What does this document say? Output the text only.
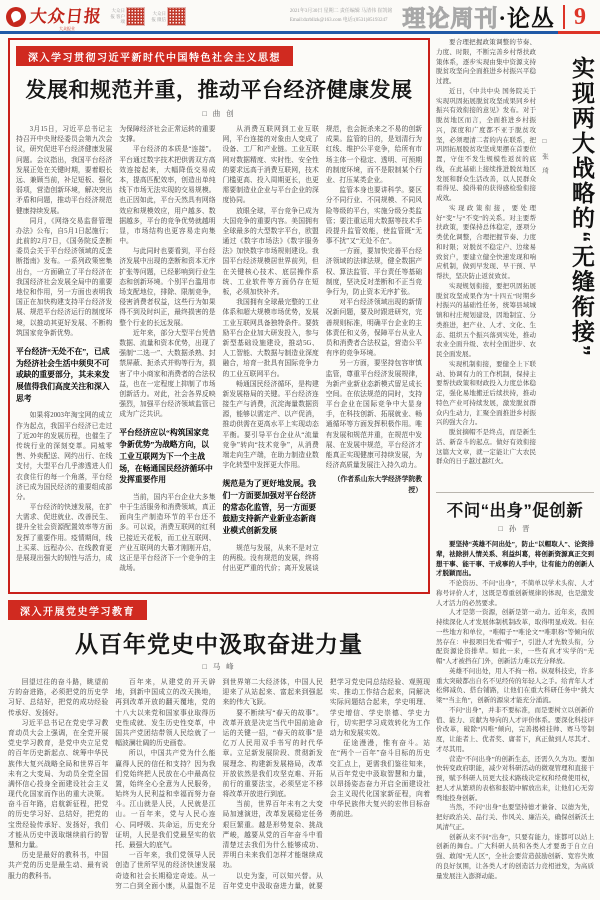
大众日报
大众报业
大众日报 客户端
大众日报 微信
2021年3月30日 星期二 责任编辑 马清伟 崔凯铭
Email:dzrbllzk@163.com 电话:(0531)85193247 理论周刊 ·论丛 9
深入学习贯彻习近平新时代中国特色社会主义思想
发展和规范并重，推动平台经济健康发展
□ 曲 创

3月15日，习近平总书记主持召开中央财经委员会第九次会议，研究促进平台经济健康发展问题。会议指出，我国平台经济发展正处在关键时期，要着眼长远、兼顾当前，补足短板、强化弱项，营造创新环境，解决突出矛盾和问题，推动平台经济规范健康持续发展。

同月，《网络交易监督管理办法》公布，自5月1日起施行；此前的2月7日，《国务院反垄断委员会关于平台经济领域的反垄断指南》发布。一系列政策密集出台，一方面确立了平台经济在我国经济社会发展全局中的重要地位和作用，另一方面也表明我国正在加快构建支持平台经济发展、规范平台经济运行的制度环境，以推动其更好发展、不断构筑国家竞争新优势。

平台经济“无处不在”，已成为经济社会生活中须臾不可或缺的重要部分，其未来发展值得我们高度关注和深入思考

如果将2003年淘宝网的成立作为起点，我国平台经济已走过了近20年的发展历程，也催生了传统行业的深刻变革。同城零售、外卖配送、网约出行、在线支付，大型平台几乎渗透进人们衣食住行的每一个角落，平台经济已成为国民经济的重要组成部分。

平台经济的快速发展，在扩大需求、促进就业、改善民生、提升全社会资源配置效率等方面发挥了重要作用。疫情期间，线上买菜、远程办公、在线教育更是展现出强大的韧性与活力，成为保障经济社会正常运转的重要支撑。

平台经济的本质是“连接”。平台通过数字技术把供需双方高效连接起来，大幅降低交易成本，提高匹配效率，创造出单纯线下市场无法实现的交易规模。也正因如此，平台天然具有网络效应和规模效应，用户越多、数据越多，平台的竞争优势就越明显，市场结构也更容易走向集中。

与此同时也要看到，平台经济发展中出现的垄断和资本无序扩张等问题，已经影响到行业生态和创新环境。个别平台滥用市场支配地位，排除、限制竞争，侵害消费者权益，这些行为如果得不到及时纠正，最终损害的是整个行业的长远发展。

近年来，部分大型平台凭借数据、流量和资本优势，出现了强制“二选一”、大数据杀熟、封禁屏蔽、扼杀式并购等行为，损害了中小商家和消费者的合法权益，也在一定程度上抑制了市场创新活力。对此，社会各界反映强烈，加强平台经济领域监管已成为广泛共识。

平台经济应以“构筑国家竞争新优势”为战略方向，以工业互联网为下一个主战场，在畅通国民经济循环中发挥重要作用

当前，国内平台企业大多集中于生活服务和消费领域，真正面向生产制造环节的平台还不多。可以说，消费互联网的红利已接近天花板，而工业互联网、产业互联网的大幕才刚刚开启，这正是平台经济下一个竞争的主战场。

从消费互联网到工业互联网，平台连接的对象由人变成了设备、工厂和产业链。工业互联网对数据精度、实时性、安全性的要求远高于消费互联网，技术门槛更高、投入周期更长，也更需要制造业企业与平台企业的深度协同。

放眼全球，平台竞争已成为大国竞争的重要内容。美国拥有全球最多的大型数字平台，欧盟通过《数字市场法》《数字服务法》加快数字市场规则建设。我国平台经济规模居世界前列，但在关键核心技术、底层操作系统、工业软件等方面仍存在短板，必须加快补齐。

我国拥有全球最完整的工业体系和超大规模市场优势，发展工业互联网具备独特条件。要鼓励平台企业加大研发投入，参与新型基础设施建设，推动5G、人工智能、大数据与制造业深度融合，培育一批具有国际竞争力的工业互联网平台。

畅通国民经济循环，是构建新发展格局的关键。平台经济连接生产与消费，沉淀海量数据资源，能够以需定产、以产促消，推动供需在更高水平上实现动态平衡。要引导平台企业从“流量竞争”转向“技术竞争”，从消费端走向生产端，在助力制造业数字化转型中发挥更大作用。

规范是为了更好地发展。我们一方面要加强对平台经济的常态化监管，另一方面要鼓励支持新产业新业态新商业模式创新发展

规范与发展，从来不是对立的两极。没有规范的发展，终将付出更严重的代价；离开发展谈规范，也会扼杀来之不易的创新成果。监管的目的，是划清行为红线、维护公平竞争，给所有市场主体一个稳定、透明、可预期的制度环境，而不是限制某个行业、打压某类企业。

监管本身也要讲科学。要区分不同行业、不同规模、不同风险等级的平台，实施分级分类监管；要注重运用大数据等技术手段提升监管效能，使监管既“无事不扰”又“无处不在”。

一方面，要加快完善平台经济领域的法律法规，健全数据产权、算法监管、平台责任等基础制度，坚决反对垄断和不正当竞争行为，防止资本无序扩张。

对平台经济领域出现的新情况新问题，要及时跟进研究，完善规则标准，明确平台企业的主体责任和义务，保障平台从业人员和消费者合法权益，营造公平有序的竞争环境。

另一方面，要坚持包容审慎监管，尊重平台经济发展规律，为新产业新业态新模式留足成长空间。在依法规范的同时，支持平台企业在国际竞争中大显身手，在科技创新、拓展就业、畅通循环等方面发挥积极作用。唯有发展和规范并重，在规范中发展、在发展中规范，平台经济才能真正实现健康可持续发展，为经济高质量发展注入持久动力。

（作者系山东大学经济学院教授）

要合理把握政策调整的节奏、力度、时限，不断完善乡村帮扶政策体系，逐步实现由集中资源支持脱贫攻坚向全面推进乡村振兴平稳过渡。

近日，《中共中央 国务院关于实现巩固拓展脱贫攻坚成果同乡村振兴有效衔接的意见》发布。对于脱贫地区而言，全面推进乡村振兴，深度和广度都不亚于脱贫攻坚，必须理清二者的内在联系，把巩固拓展脱贫攻坚成果摆在首要位置，守住不发生规模性返贫的底线，在此基础上接续推进脱贫地区发展和群众生活改善，以人民群众看得见、摸得着的获得感检验衔接成效。

实现政策衔接，要处理好“变”与“不变”的关系。对主要帮扶政策，要保持总体稳定，逐项分类优化调整，合理把握节奏、力度和时限；对脱贫不稳定户、边缘易致贫户，要建立健全快速发现和响应机制，做到早发现、早干预、早帮扶，坚决防止返贫致贫。

实现规划衔接，要把巩固拓展脱贫攻坚成果作为“十四五”时期乡村振兴的基础性任务，统筹县域城镇和村庄规划建设，因地制宜、分类推进，把产业、人才、文化、生态、组织五个振兴落到实处，推动农业全面升级、农村全面进步、农民全面发展。

实现机制衔接，要健全上下联动、协调有力的工作机制，保持主要帮扶政策和财政投入力度总体稳定，强化易地搬迁后续扶持，推动特色产业可持续发展，激发脱贫群众内生动力，汇聚全面推进乡村振兴的强大合力。

脱贫摘帽不是终点，而是新生活、新奋斗的起点。做好有效衔接这篇大文章，就一定能让广大农民群众的日子越过越红火。

□ 张 琦 实现两大战略的“无缝衔接”
不问“出身”促创新
□ 孙 晋

要坚持“英雄不问出处”，防止“以帽取人”、论资排辈，祛除拼人情关系、利益纠葛，将创新资源真正交到想干事、能干事、干成事的人手中，让有能力的创新人才脱颖而出。

不论资历、不问“出身”，不简单以学术头衔、人才称号评价人才，这既是尊重创新规律的体现，也是激发人才活力的必然要求。

人才是第一资源，创新是第一动力。近年来，我国持续深化人才发展体制机制改革，取得明显成效。但在一些地方和单位，“唯帽子”“唯论文”“唯职称”等倾向依然存在：申报项目先看“帽子”，引进人才先数头衔，分配资源论资排辈。如此一来，一些有真才实学的“无帽”人才被挡在门外，创新活力难以充分释放。

英雄不问出处，用人不拘一格。纵观科技史，许多重大突破都出自名不见经传的年轻人之手。给青年人才松绑减负、搭台铺路，让他们在重大科研任务中“挑大梁”“当主角”，创新的源泉才能充分涌流。

不问“出身”，并非不要标准，而是要树立以创新价值、能力、贡献为导向的人才评价体系。要深化科技评价改革，破除“四唯”倾向，完善揭榜挂帅、赛马等制度，让能者上、优者奖、庸者下，真正做到人尽其才、才尽其用。

营造“不问出身”的创新生态，还需久久为功。要加快转变政府职能，减少对科研活动的微观管理和直接干预，赋予科研人员更大技术路线决定权和经费使用权，把人才从繁琐的表格和报销中解放出来，让他们心无旁骛地投身创新。

当然，不问“出身”也要坚持德才兼备、以德为先，把好政治关、品行关、作风关、廉洁关，确保创新沃土风清气正。

创新从来不问“出身”，只要有能力，谁都可以站上创新的舞台。广大科研人员和各类人才要勇于自立自强、敢闯“无人区”，全社会要营造鼓励创新、宽容失败的良好氛围，让各类人才的创造活力竞相迸发，为高质量发展注入澎湃动能。

深入开展党史学习教育
从百年党史中汲取奋进力量
□ 马 峰

回望过往的奋斗路，眺望前方的奋进路，必须把党的历史学习好、总结好，把党的成功经验传承好、发扬好。

习近平总书记在党史学习教育动员大会上强调，在全党开展党史学习教育，是党中央立足党的百年历史新起点、统筹中华民族伟大复兴战略全局和世界百年未有之大变局、为动员全党全国满怀信心投身全面建设社会主义现代化国家而作出的重大决策。奋斗百年路，启航新征程，把党的历史学习好、总结好，把党的宝贵经验传承好、发扬好，我们才能从历史中汲取继续前行的智慧和力量。

历史是最好的教科书，中国共产党的历史是最生动、最有说服力的教科书。

百年来，从建党的开天辟地，到新中国成立的改天换地，再到改革开放的翻天覆地，党的十八大以来党和国家事业取得历史性成就、发生历史性变革，中国共产党团结带领人民绘就了一幅波澜壮阔的历史画卷。

所以，中国共产党为什么能赢得人民的信任和支持？因为我们党始终把人民放在心中最高位置，始终全心全意为人民服务，始终为人民利益和幸福而努力奋斗。江山就是人民，人民就是江山。一百年来，党与人民心连心、同呼吸、共命运，历史充分证明，人民是我们党最坚实的依托、最强大的底气。

一百年来，我们党领导人民创造了世所罕见的经济快速发展奇迹和社会长期稳定奇迹。从一穷二白到全面小康，从温饱不足到世界第二大经济体，中国人民迎来了从站起来、富起来到强起来的伟大飞跃。

要不断续写“春天的故事”。改革开放是决定当代中国前途命运的关键一招，“春天的故事”是亿万人民用双手书写的时代华章。立足新发展阶段、贯彻新发展理念、构建新发展格局，改革开放依然是我们攻坚克难、开拓前行的重要法宝，必须坚定不移将改革开放进行到底。

当前，世界百年未有之大变局加速演进，改革发展稳定任务艰巨繁重。越是形势复杂、挑战严峻，越要从党的百年奋斗中看清楚过去我们为什么能够成功、弄明白未来我们怎样才能继续成功。

以史为鉴，可以知兴替。从百年党史中汲取奋进力量，就要把学习党史同总结经验、观照现实、推动工作结合起来，同解决实际问题结合起来，学史明理、学史增信、学史崇德、学史力行，切实把学习成效转化为工作动力和发展实效。

征途漫漫，惟有奋斗。站在“两个一百年”奋斗目标的历史交汇点上，更需我们鉴往知来，从百年党史中汲取智慧和力量，以昂扬姿态奋力开启全面建设社会主义现代化国家新征程，向着中华民族伟大复兴的宏伟目标奋勇前进。
